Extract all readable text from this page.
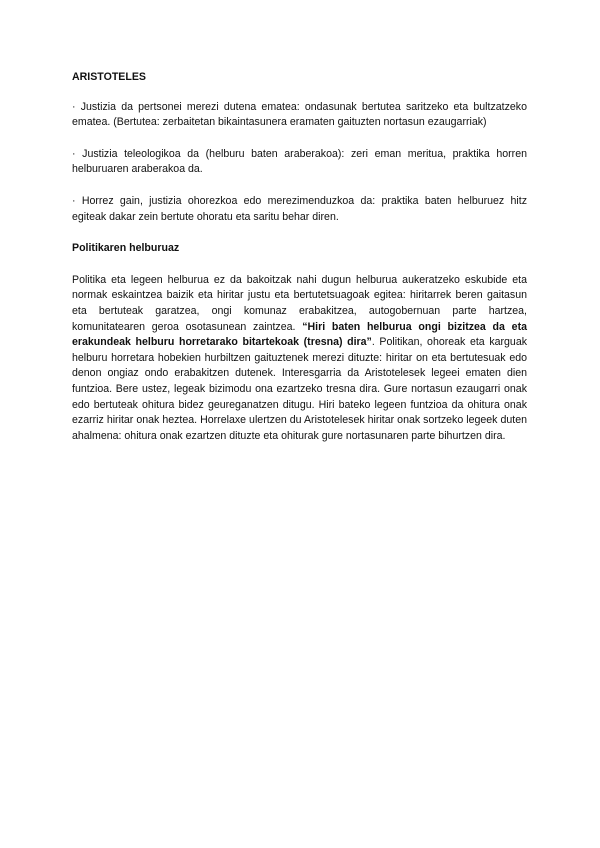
ARISTOTELES

· Justizia da pertsonei merezi dutena ematea: ondasunak bertutea saritzeko eta bultzatzeko ematea. (Bertutea: zerbaitetan bikaintasunera eramaten gaituzten nortasun ezaugarriak)

· Justizia teleologikoa da (helburu baten araberakoa): zeri eman meritua, praktika horren helburuaren araberakoa da.

· Horrez gain, justizia ohorezkoa edo merezimenduzkoa da: praktika baten helburuez hitz egiteak dakar zein bertute ohoratu eta saritu behar diren.

Politikaren helburuaz

Politika eta legeen helburua ez da bakoitzak nahi dugun helburua aukeratzeko eskubide eta normak eskaintzea baizik eta hiritar justu eta bertutetsuagoak egitea: hiritarrek beren gaitasun eta bertuteak garatzea, ongi komunaz erabakitzea, autogobernuan parte hartzea, komunitatearen geroa osotasunean zaintzea. “Hiri baten helburua ongi bizitzea da eta erakundeak helburu horretarako bitartekoak (tresna) dira”. Politikan, ohoreak eta karguak helburu horretara hobekien hurbiltzen gaituztenek merezi dituzte: hiritar on eta bertutesuak edo denon ongiaz ondo erabakitzen dutenek. Interesgarria da Aristotelesek legeei ematen dien funtzioa. Bere ustez, legeak bizimodu ona ezartzeko tresna dira. Gure nortasun ezaugarri onak edo bertuteak ohitura bidez geureganatzen ditugu. Hiri bateko legeen funtzioa da ohitura onak ezarriz hiritar onak heztea. Horrelaxe ulertzen du Aristotelesek hiritar onak sortzeko legeek duten ahalmena: ohitura onak ezartzen dituzte eta ohiturak gure nortasunaren parte bihurtzen dira.
